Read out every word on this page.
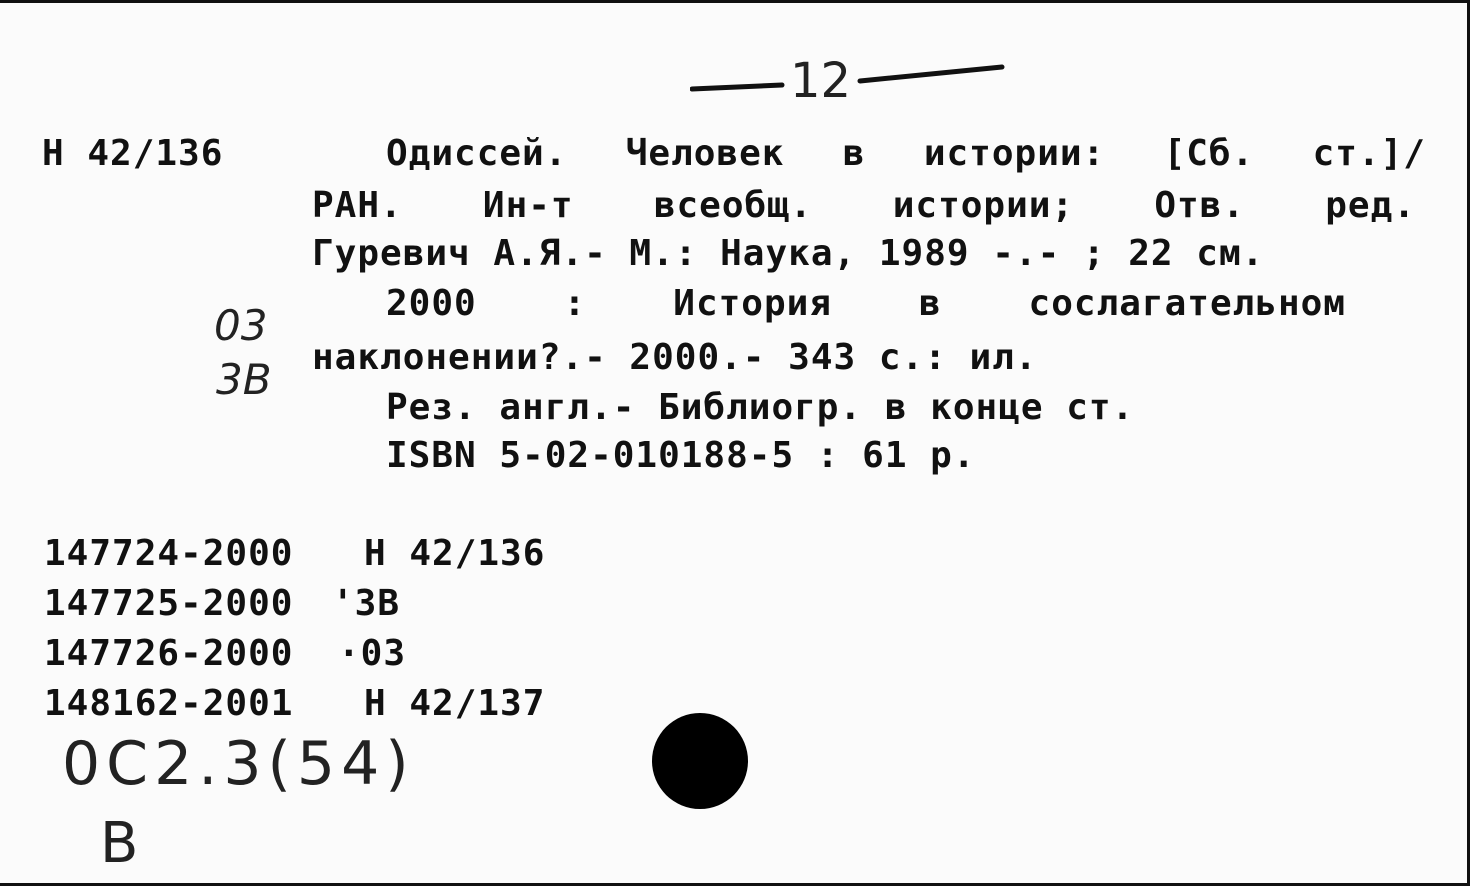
12
Н 42/136	Одиссей. Человек в истории: [Сб. ст.]/
РАН. Ин-т всеобщ. истории; Отв. ред.
Гуревич А.Я.- М.: Наука, 1989 -.- ; 22 см.
2000 : История в сослагательном
наклонении?.- 2000.- 343 с.: ил.
Рез. англ.- Библиогр. в конце ст.
ISBN 5-02-010188-5 : 61 р.
03
3B
147724-2000 Н 42/136
147725-2000 '3В
147726-2000 ·03
148162-2001 Н 42/137
0С2.3(54)
В
